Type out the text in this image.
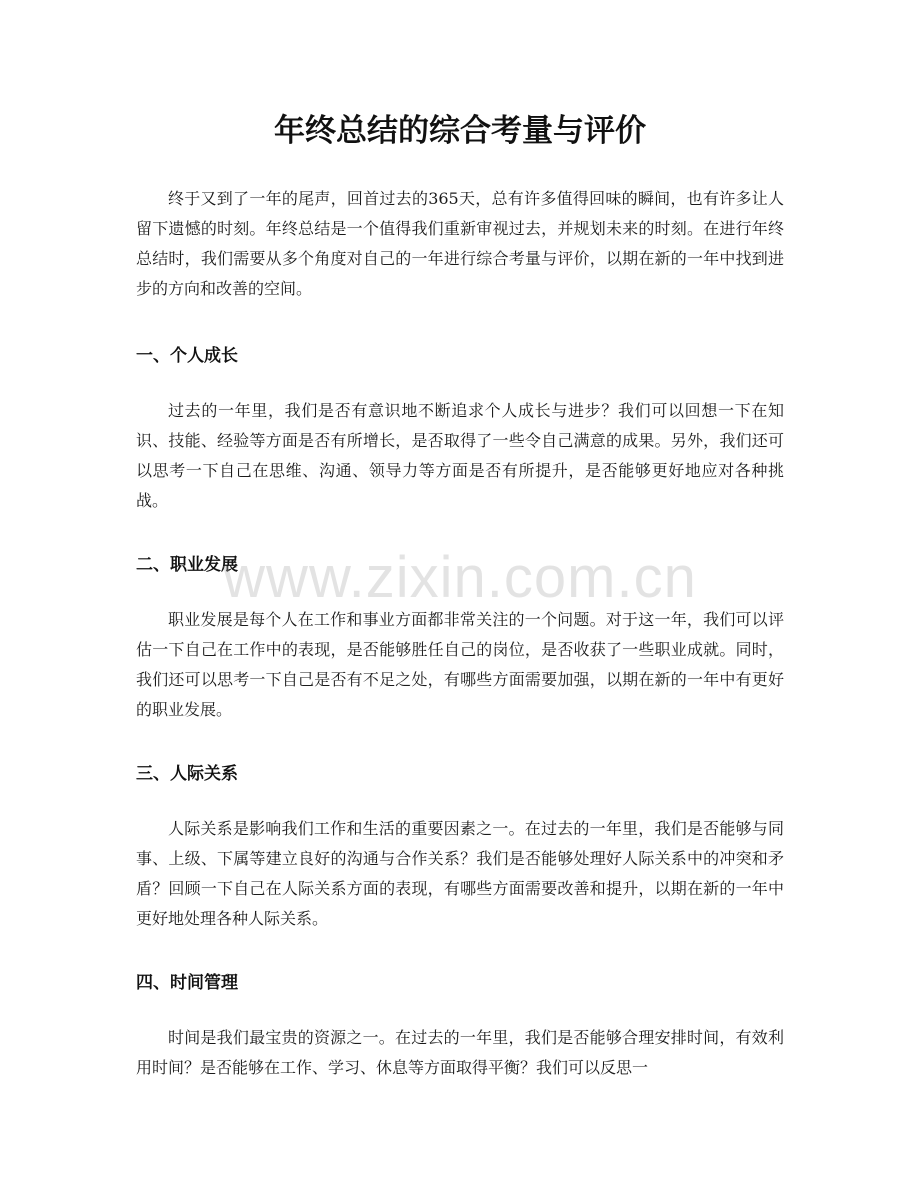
年终总结的综合考量与评价

终于又到了一年的尾声，回首过去的365天，总有许多值得回味的瞬间，也有许多让人留下遗憾的时刻。年终总结是一个值得我们重新审视过去，并规划未来的时刻。在进行年终总结时，我们需要从多个角度对自己的一年进行综合考量与评价，以期在新的一年中找到进步的方向和改善的空间。

一、个人成长

过去的一年里，我们是否有意识地不断追求个人成长与进步？我们可以回想一下在知识、技能、经验等方面是否有所增长，是否取得了一些令自己满意的成果。另外，我们还可以思考一下自己在思维、沟通、领导力等方面是否有所提升，是否能够更好地应对各种挑战。

二、职业发展

职业发展是每个人在工作和事业方面都非常关注的一个问题。对于这一年，我们可以评估一下自己在工作中的表现，是否能够胜任自己的岗位，是否收获了一些职业成就。同时，我们还可以思考一下自己是否有不足之处，有哪些方面需要加强，以期在新的一年中有更好的职业发展。

三、人际关系

人际关系是影响我们工作和生活的重要因素之一。在过去的一年里，我们是否能够与同事、上级、下属等建立良好的沟通与合作关系？我们是否能够处理好人际关系中的冲突和矛盾？回顾一下自己在人际关系方面的表现，有哪些方面需要改善和提升，以期在新的一年中更好地处理各种人际关系。

四、时间管理

时间是我们最宝贵的资源之一。在过去的一年里，我们是否能够合理安排时间，有效利用时间？是否能够在工作、学习、休息等方面取得平衡？我们可以反思一

www.zixin.com.cn
